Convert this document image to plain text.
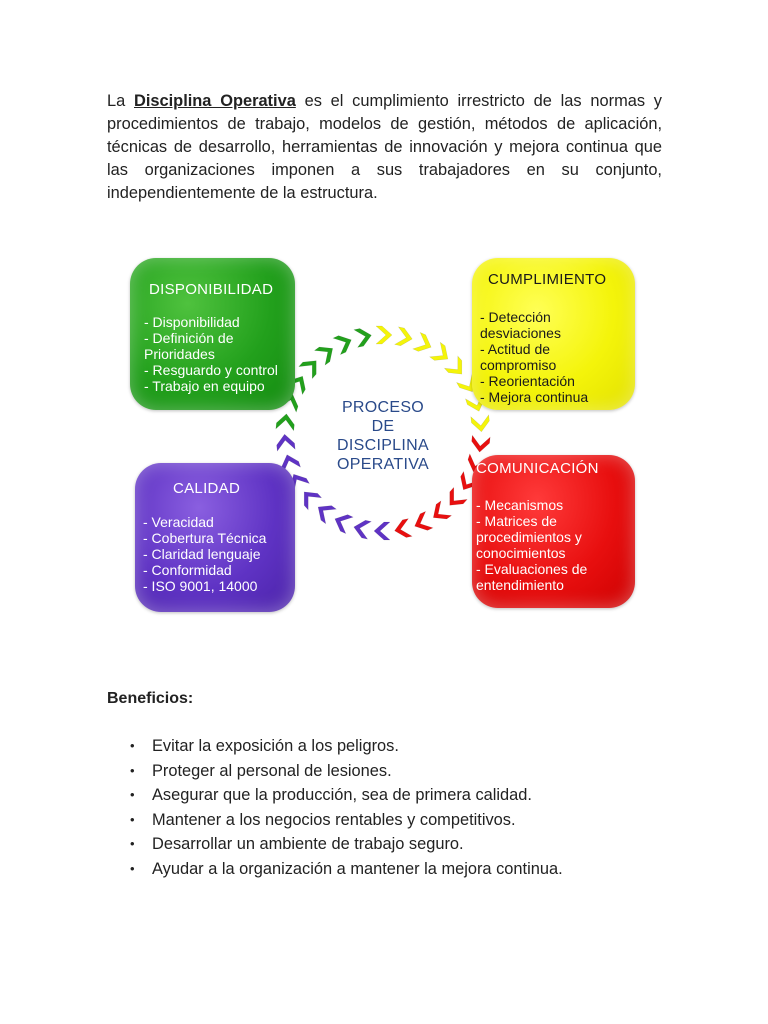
La Disciplina Operativa es el cumplimiento irrestricto de las normas y procedimientos de trabajo, modelos de gestión, métodos de aplicación, técnicas de desarrollo, herramientas de innovación y mejora continua que las organizaciones imponen a sus trabajadores en su conjunto, independientemente de la estructura.

PROCESO
DE
DISCIPLINA
OPERATIVA
DISPONIBILIDAD
- Disponibilidad
- Definición de
Prioridades
- Resguardo y control
- Trabajo en equipo
CUMPLIMIENTO
- Detección
desviaciones
- Actitud de
compromiso
- Reorientación
- Mejora continua
CALIDAD
- Veracidad
- Cobertura Técnica
- Claridad lenguaje
- Conformidad
- ISO 9001, 14000
COMUNICACIÓN
- Mecanismos
- Matrices de
procedimientos y
conocimientos
- Evaluaciones de
entendimiento
Beneficios:
• Evitar la exposición a los peligros.
• Proteger al personal de lesiones.
• Asegurar que la producción, sea de primera calidad.
• Mantener a los negocios rentables y competitivos.
• Desarrollar un ambiente de trabajo seguro.
• Ayudar a la organización a mantener la mejora continua.
